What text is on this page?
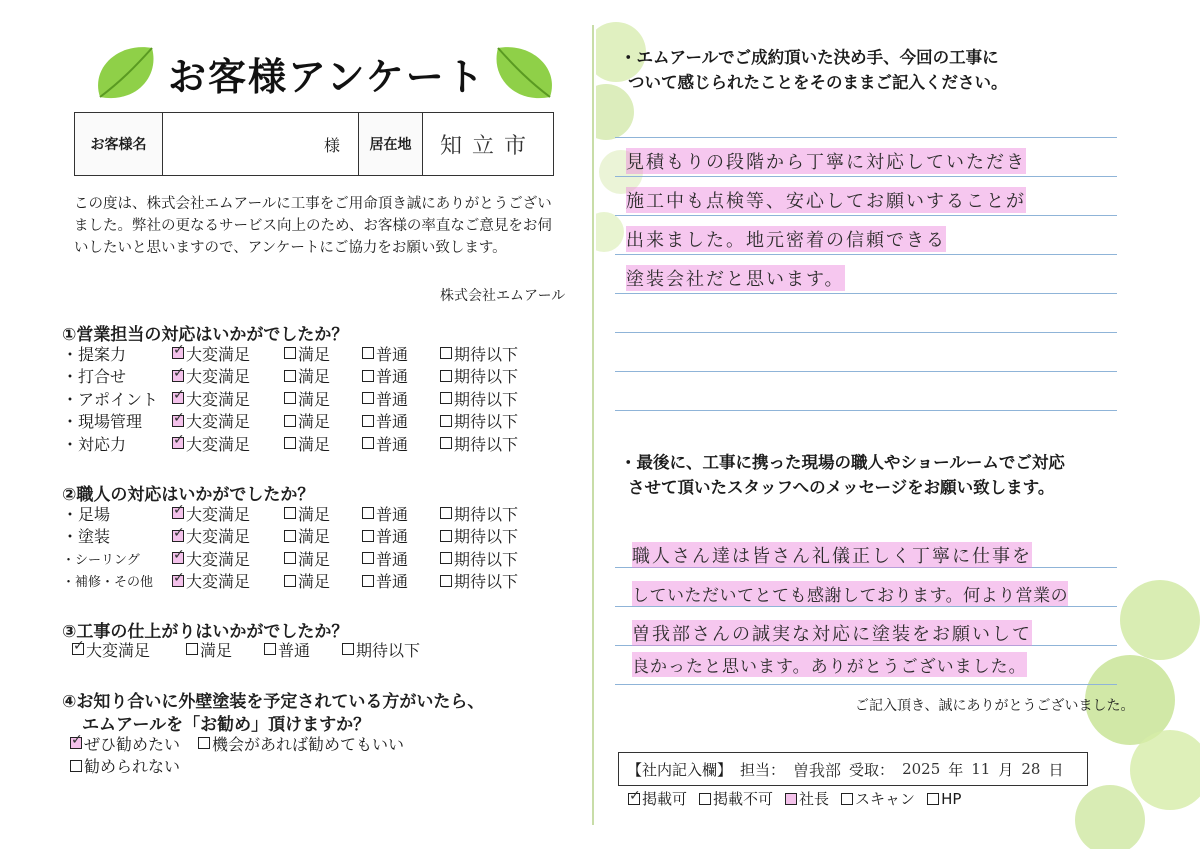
お客様アンケート
お客様名	様	居在地	知立市
この度は、株式会社エムアールに工事をご用命頂き誠にありがとうございました。弊社の更なるサービス向上のため、お客様の率直なご意見をお伺いしたいと思いますので、アンケートにご協力をお願い致します。
株式会社エムアール
①営業担当の対応はいかがでしたか？
・提案力 ✓	大変満足	満足	普通	期待以下
・打合せ ✓	大変満足	満足	普通	期待以下
・アポイント ✓	大変満足	満足	普通	期待以下
・現場管理 ✓	大変満足	満足	普通	期待以下
・対応力 ✓	大変満足	満足	普通	期待以下
②職人の対応はいかがでしたか？
・足場 ✓	大変満足	満足	普通	期待以下
・塗装 ✓	大変満足	満足	普通	期待以下
・シーリング ✓	大変満足	満足	普通	期待以下
・補修・その他 ✓	大変満足	満足	普通	期待以下
③工事の仕上がりはいかがでしたか？
✓
大変満足	満足	普通	期待以下
④お知り合いに外壁塗装を予定されている方がいたら、
エムアールを「お勧め」頂けますか？
✓
ぜひ勧めたい 機会があれば勧めてもいい
勧められない
・エムアールでご成約頂いた決め手、今回の工事に
ついて感じられたことをそのままご記入ください。
見積もりの段階から丁寧に対応していただき
施工中も点検等、安心してお願いすることが
出来ました。地元密着の信頼できる
塗装会社だと思います。
・最後に、工事に携った現場の職人やショールームでご対応
させて頂いたスタッフへのメッセージをお願い致します。
職人さん達は皆さん礼儀正しく丁寧に仕事を
していただいてとても感謝しております。何より営業の
曽我部さんの誠実な対応に塗装をお願いして
良かったと思います。ありがとうございました。
ご記入頂き、誠にありがとうございました。
【社内記入欄】 担当： 曽我部 受取： 2025 年 11 月 28 日
✓
掲載可 掲載不可 社長 スキャン HP
